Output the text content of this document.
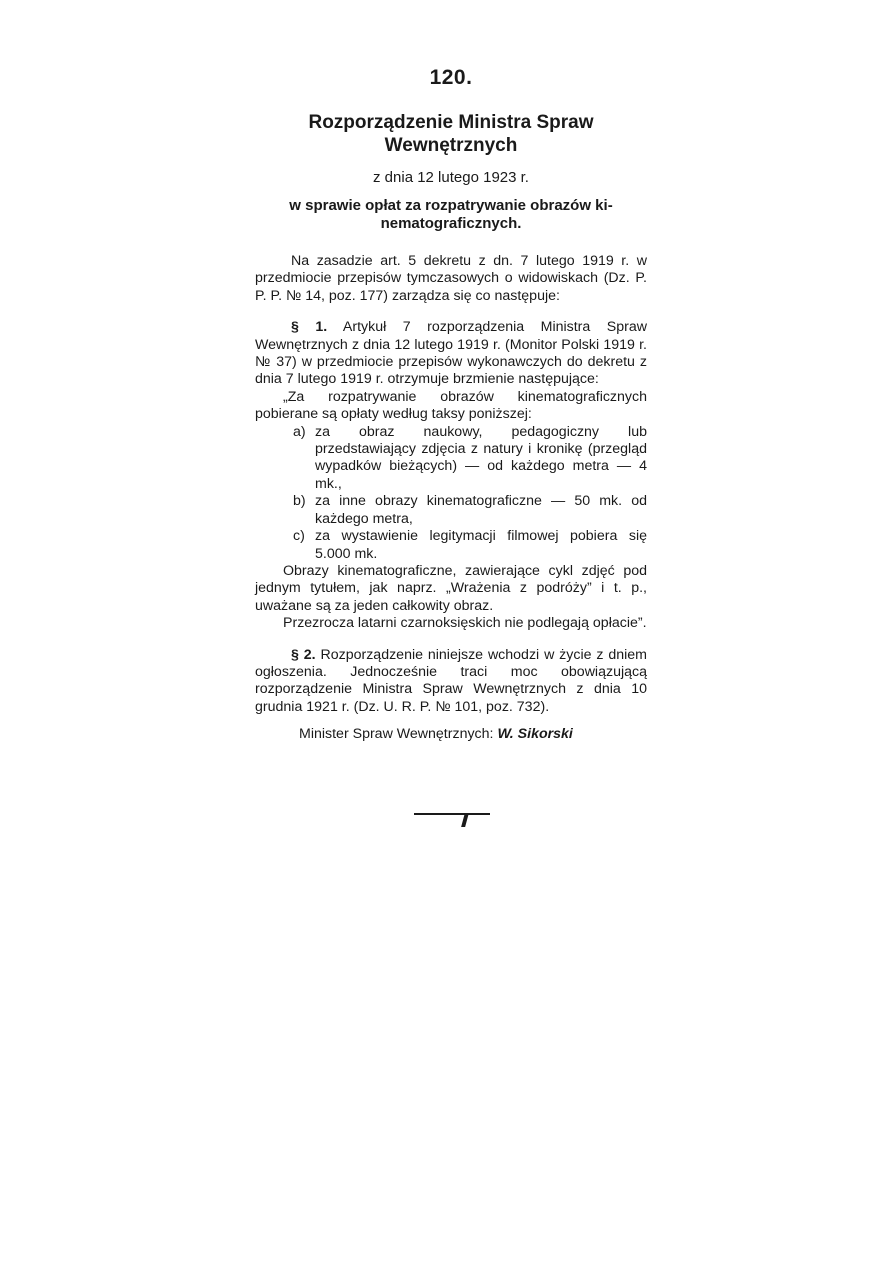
120.
Rozporządzenie Ministra Spraw
Wewnętrznych
z dnia 12 lutego 1923 r.
w sprawie opłat za rozpatrywanie obrazów ki-
nematograficznych.

Na zasadzie art. 5 dekretu z dn. 7 lutego 1919 r. w przedmiocie przepisów tymczasowych o widowiskach (Dz. P. P. P. № 14, poz. 177) zarządza się co następuje:

§ 1. Artykuł 7 rozporządzenia Ministra Spraw Wewnętrznych z dnia 12 lutego 1919 r. (Monitor Polski 1919 r. № 37) w przedmiocie przepisów wykonawczych do dekretu z dnia 7 lutego 1919 r. otrzymuje brzmienie następujące:

„Za rozpatrywanie obrazów kinematograficznych pobierane są opłaty według taksy poniższej:

a) za obraz naukowy, pedagogiczny lub przedstawiający zdjęcia z natury i kronikę (przegląd wypadków bieżących) — od każdego metra — 4 mk.,
b) za inne obrazy kinematograficzne — 50 mk. od każdego metra,
c) za wystawienie legitymacji filmowej pobiera się 5.000 mk.

Obrazy kinematograficzne, zawierające cykl zdjęć pod jednym tytułem, jak naprz. „Wrażenia z podróży” i t. p., uważane są za jeden całkowity obraz.

Przezrocza latarni czarnoksięskich nie podlegają opłacie”.

§ 2. Rozporządzenie niniejsze wchodzi w życie z dniem ogłoszenia. Jednocześnie traci moc obowiązującą rozporządzenie Ministra Spraw Wewnętrznych z dnia 10 grudnia 1921 r. (Dz. U. R. P. № 101, poz. 732).

Minister Spraw Wewnętrznych: W. Sikorski
